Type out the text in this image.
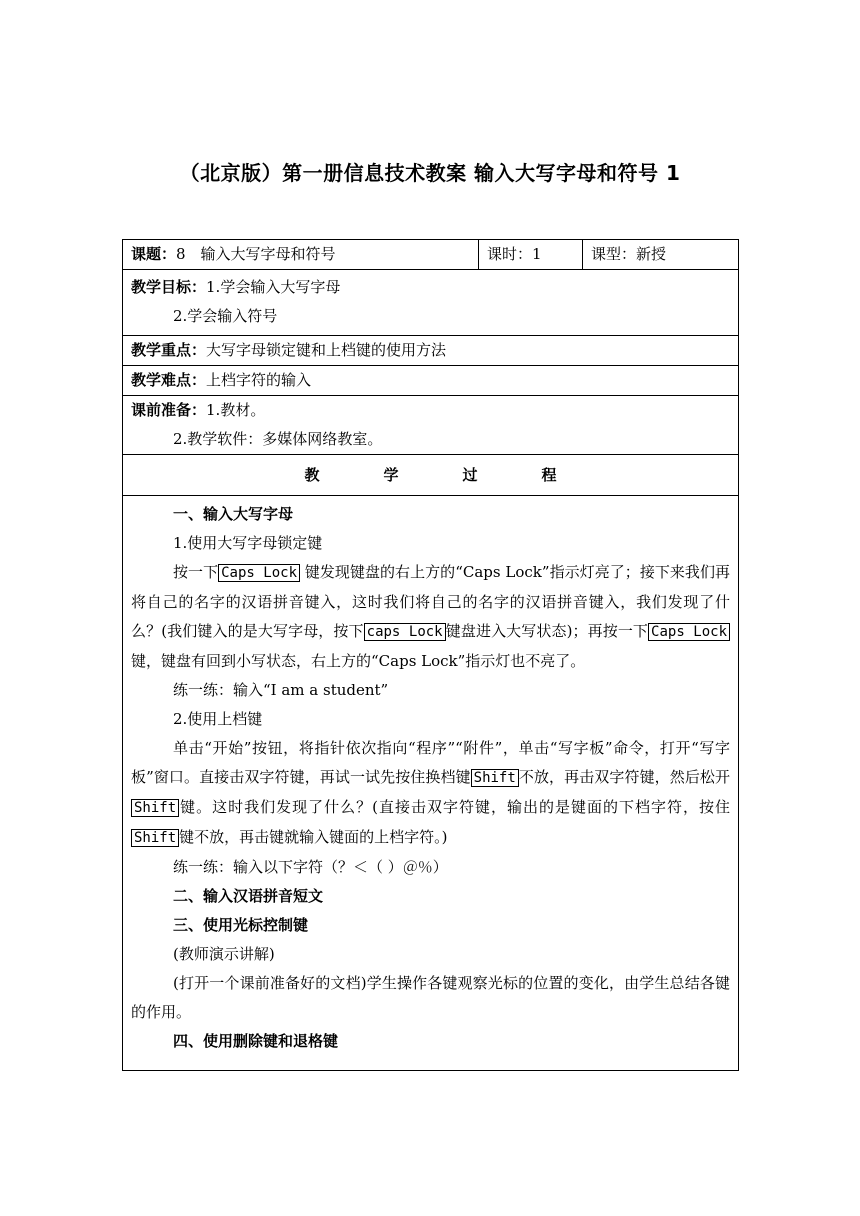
（北京版）第一册信息技术教案 输入大写字母和符号 1
课题：8　输入大写字母和符号	课时：1	课型：新授

教学目标：1.学会输入大写字母
2.学会输入符号

教学重点：大写字母锁定键和上档键的使用方法
教学难点：上档字符的输入

课前准备：1.教材。
2.教学软件：多媒体网络教室。

教	学	过	程

一、输入大写字母
1.使用大写字母锁定键
按一下 Caps Lock 键发现键盘的右上方的“Caps Lock”指示灯亮了；接下来我们再将自己的名字的汉语拼音键入，这时我们将自己的名字的汉语拼音键入，我们发现了什么？(我们键入的是大写字母，按下 caps Lock 键盘进入大写状态)；再按一下 Caps Lock 键，键盘有回到小写状态，右上方的“Caps Lock”指示灯也不亮了。
练一练：输入“I am a student”
2.使用上档键
单击“开始”按钮，将指针依次指向“程序”“附件”，单击“写字板”命令，打开“写字板”窗口。直接击双字符键，再试一试先按住换档键 Shift 不放，再击双字符键，然后松开Shift 键。这时我们发现了什么？(直接击双字符键，输出的是键面的下档字符，按住Shift 键不放，再击键就输入键面的上档字符。)
练一练：输入以下字符（？＜（ ）＠％）
二、输入汉语拼音短文
三、使用光标控制键
(教师演示讲解)
(打开一个课前准备好的文档)学生操作各键观察光标的位置的变化，由学生总结各键的作用。
四、使用删除键和退格键
